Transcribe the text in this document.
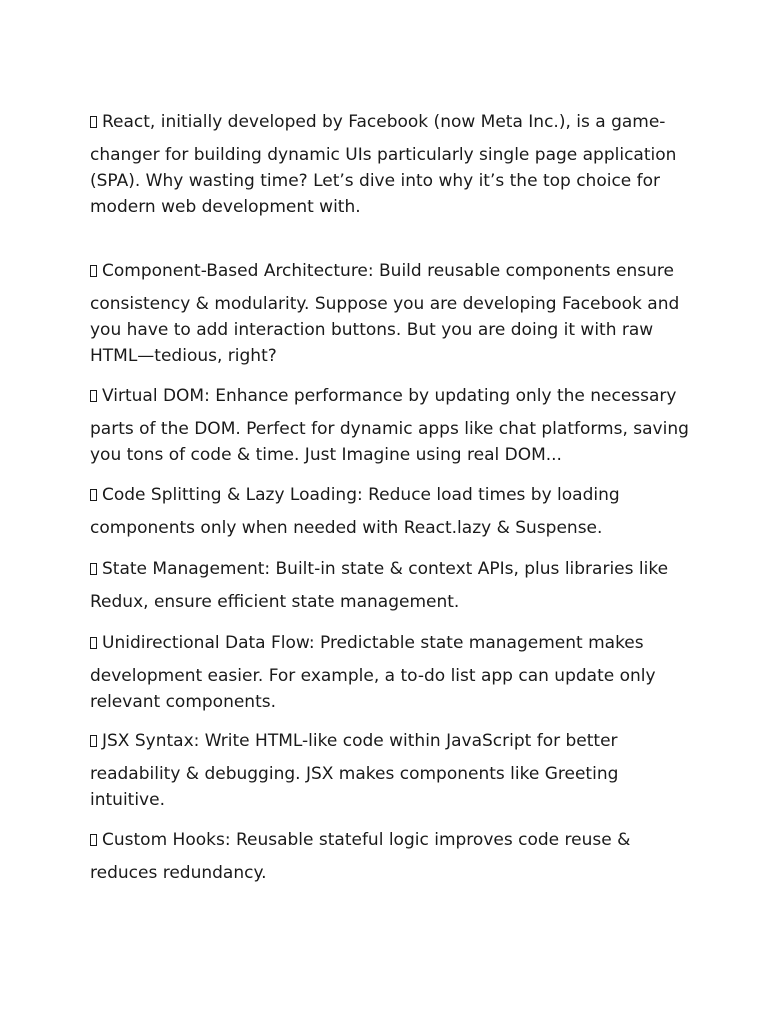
React, initially developed by Facebook (now Meta Inc.), is a game-
changer for building dynamic UIs particularly single page application
(SPA). Why wasting time? Let’s dive into why it’s the top choice for
modern web development with.

Component-Based Architecture: Build reusable components ensure
consistency & modularity. Suppose you are developing Facebook and
you have to add interaction buttons. But you are doing it with raw
HTML—tedious, right?

Virtual DOM: Enhance performance by updating only the necessary
parts of the DOM. Perfect for dynamic apps like chat platforms, saving
you tons of code & time. Just Imagine using real DOM...

Code Splitting & Lazy Loading: Reduce load times by loading
components only when needed with React.lazy & Suspense.

State Management: Built-in state & context APIs, plus libraries like
Redux, ensure efficient state management.

Unidirectional Data Flow: Predictable state management makes
development easier. For example, a to-do list app can update only
relevant components.

JSX Syntax: Write HTML-like code within JavaScript for better
readability & debugging. JSX makes components like Greeting
intuitive.

Custom Hooks: Reusable stateful logic improves code reuse &
reduces redundancy.
